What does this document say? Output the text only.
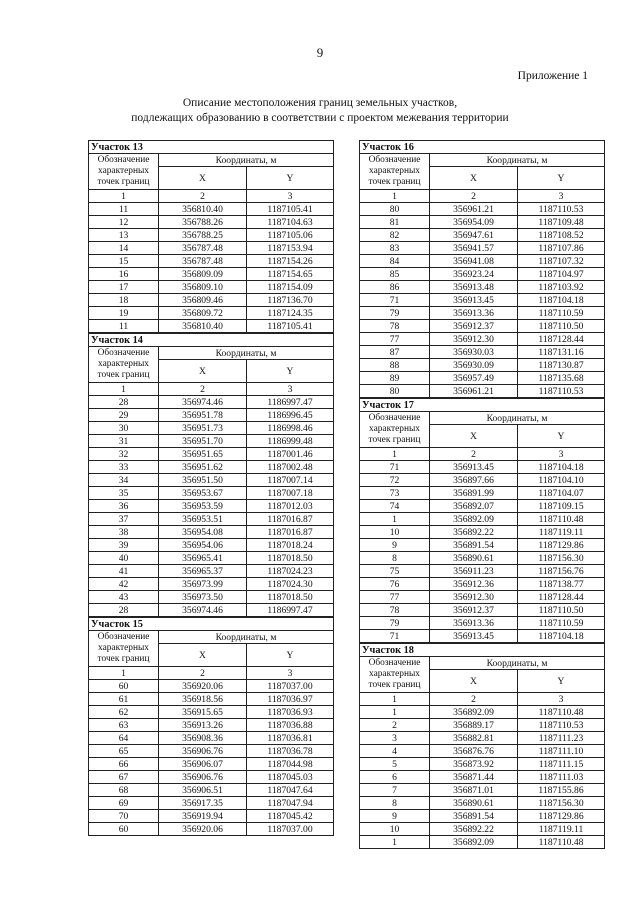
9
Приложение 1
Описание местоположения границ земельных участков,
подлежащих образованию в соответствии с проектом межевания территории
Участок 13		
Обозначение характерных точек границ	Координаты, м	
	X	Y
1	2	3
11	356810.40	1187105.41
12	356788.26	1187104.63
13	356788.25	1187105.06
14	356787.48	1187153.94
15	356787.48	1187154.26
16	356809.09	1187154.65
17	356809.10	1187154.09
18	356809.46	1187136.70
19	356809.72	1187124.35
11	356810.40	1187105.41
Участок 14		
Обозначение характерных точек границ	Координаты, м	
	X	Y
1	2	3
28	356974.46	1186997.47
29	356951.78	1186996.45
30	356951.73	1186998.46
31	356951.70	1186999.48
32	356951.65	1187001.46
33	356951.62	1187002.48
34	356951.50	1187007.14
35	356953.67	1187007.18
36	356953.59	1187012.03
37	356953.51	1187016.87
38	356954.08	1187016.87
39	356954.06	1187018.24
40	356965.41	1187018.50
41	356965.37	1187024.23
42	356973.99	1187024.30
43	356973.50	1187018.50
28	356974.46	1186997.47
Участок 15		
Обозначение характерных точек границ	Координаты, м	
	X	Y
1	2	3
60	356920.06	1187037.00
61	356918.56	1187036.97
62	356915.65	1187036.93
63	356913.26	1187036.88
64	356908.36	1187036.81
65	356906.76	1187036.78
66	356906.07	1187044.98
67	356906.76	1187045.03
68	356906.51	1187047.64
69	356917.35	1187047.94
70	356919.94	1187045.42
60	356920.06	1187037.00
Участок 16		
Обозначение характерных точек границ	Координаты, м	
	X	Y
1	2	3
80	356961.21	1187110.53
81	356954.09	1187109.48
82	356947.61	1187108.52
83	356941.57	1187107.86
84	356941.08	1187107.32
85	356923.24	1187104.97
86	356913.48	1187103.92
71	356913.45	1187104.18
79	356913.36	1187110.59
78	356912.37	1187110.50
77	356912.30	1187128.44
87	356930.03	1187131.16
88	356930.09	1187130.87
89	356957.49	1187135.68
80	356961.21	1187110.53
Участок 17		
Обозначение характерных точек границ	Координаты, м	
	X	Y
1	2	3
71	356913.45	1187104.18
72	356897.66	1187104.10
73	356891.99	1187104.07
74	356892.07	1187109.15
1	356892.09	1187110.48
10	356892.22	1187119.11
9	356891.54	1187129.86
8	356890.61	1187156.30
75	356911.23	1187156.76
76	356912.36	1187138.77
77	356912.30	1187128.44
78	356912.37	1187110.50
79	356913.36	1187110.59
71	356913.45	1187104.18
Участок 18		
Обозначение характерных точек границ	Координаты, м	
	X	Y
1	2	3
1	356892.09	1187110.48
2	356889.17	1187110.53
3	356882.81	1187111.23
4	356876.76	1187111.10
5	356873.92	1187111.15
6	356871.44	1187111.03
7	356871.01	1187155.86
8	356890.61	1187156.30
9	356891.54	1187129.86
10	356892.22	1187119.11
1	356892.09	1187110.48
